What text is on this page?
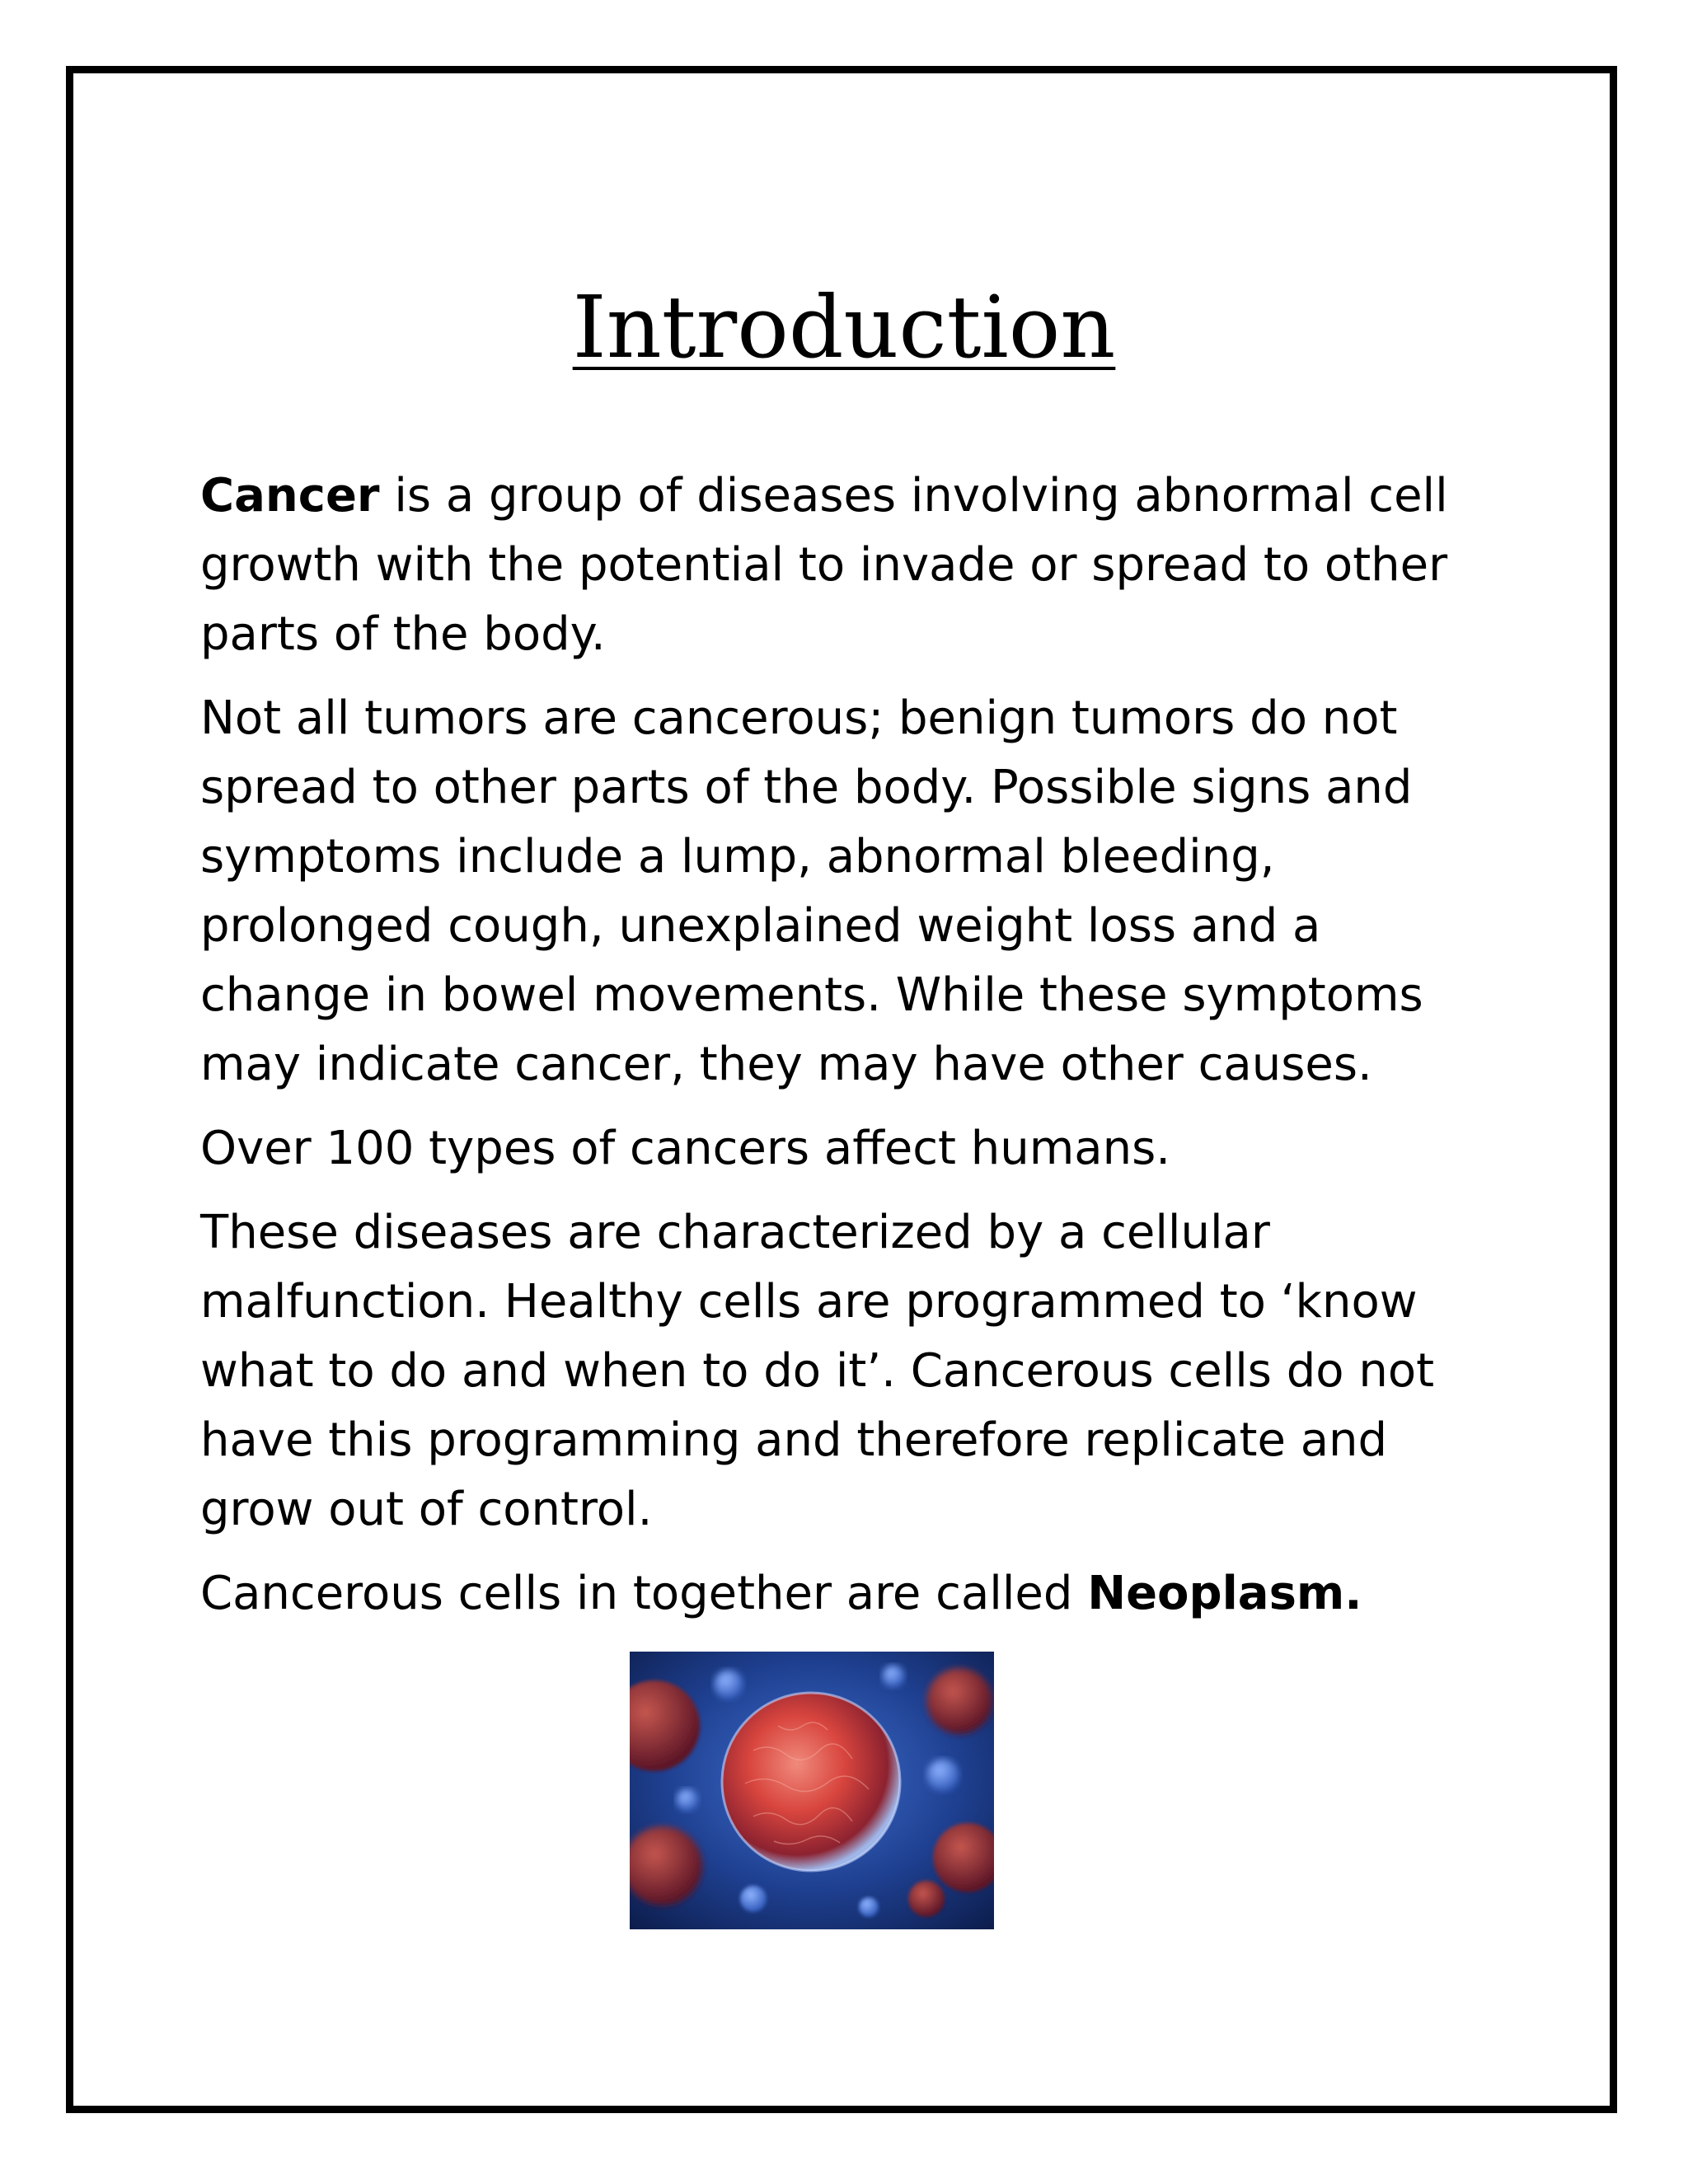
Introduction

Cancer is a group of diseases involving abnormal cell growth with the potential to invade or spread to other parts of the body.

Not all tumors are cancerous; benign tumors do not spread to other parts of the body. Possible signs and symptoms include a lump, abnormal bleeding, prolonged cough, unexplained weight loss and a change in bowel movements. While these symptoms may indicate cancer, they may have other causes.

Over 100 types of cancers affect humans.

These diseases are characterized by a cellular malfunction. Healthy cells are programmed to ‘know what to do and when to do it’. Cancerous cells do not have this programming and therefore replicate and grow out of control.

Cancerous cells in together are called Neoplasm.
